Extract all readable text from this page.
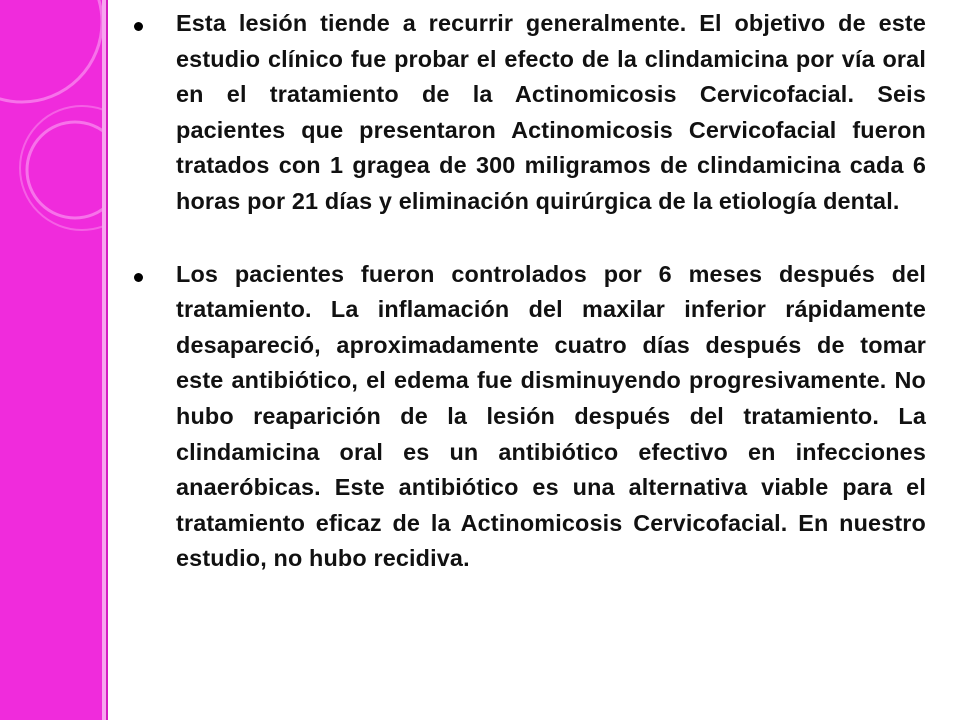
Esta lesión tiende a recurrir generalmente. El objetivo de este estudio clínico fue probar el efecto de la clindamicina por vía oral en el tratamiento de la Actinomicosis Cervicofacial. Seis pacientes que presentaron Actinomicosis Cervicofacial fueron tratados con 1 gragea de 300 miligramos de clindamicina cada 6 horas por 21 días y eliminación quirúrgica de la etiología dental.

Los pacientes fueron controlados por 6 meses después del tratamiento. La inflamación del maxilar inferior rápidamente desapareció, aproximadamente cuatro días después de tomar este antibiótico, el edema fue disminuyendo progresivamente. No hubo reaparición de la lesión después del tratamiento. La clindamicina oral es un antibiótico efectivo en infecciones anaeróbicas. Este antibiótico es una alternativa viable para el tratamiento eficaz de la Actinomicosis Cervicofacial. En nuestro estudio, no hubo recidiva.
